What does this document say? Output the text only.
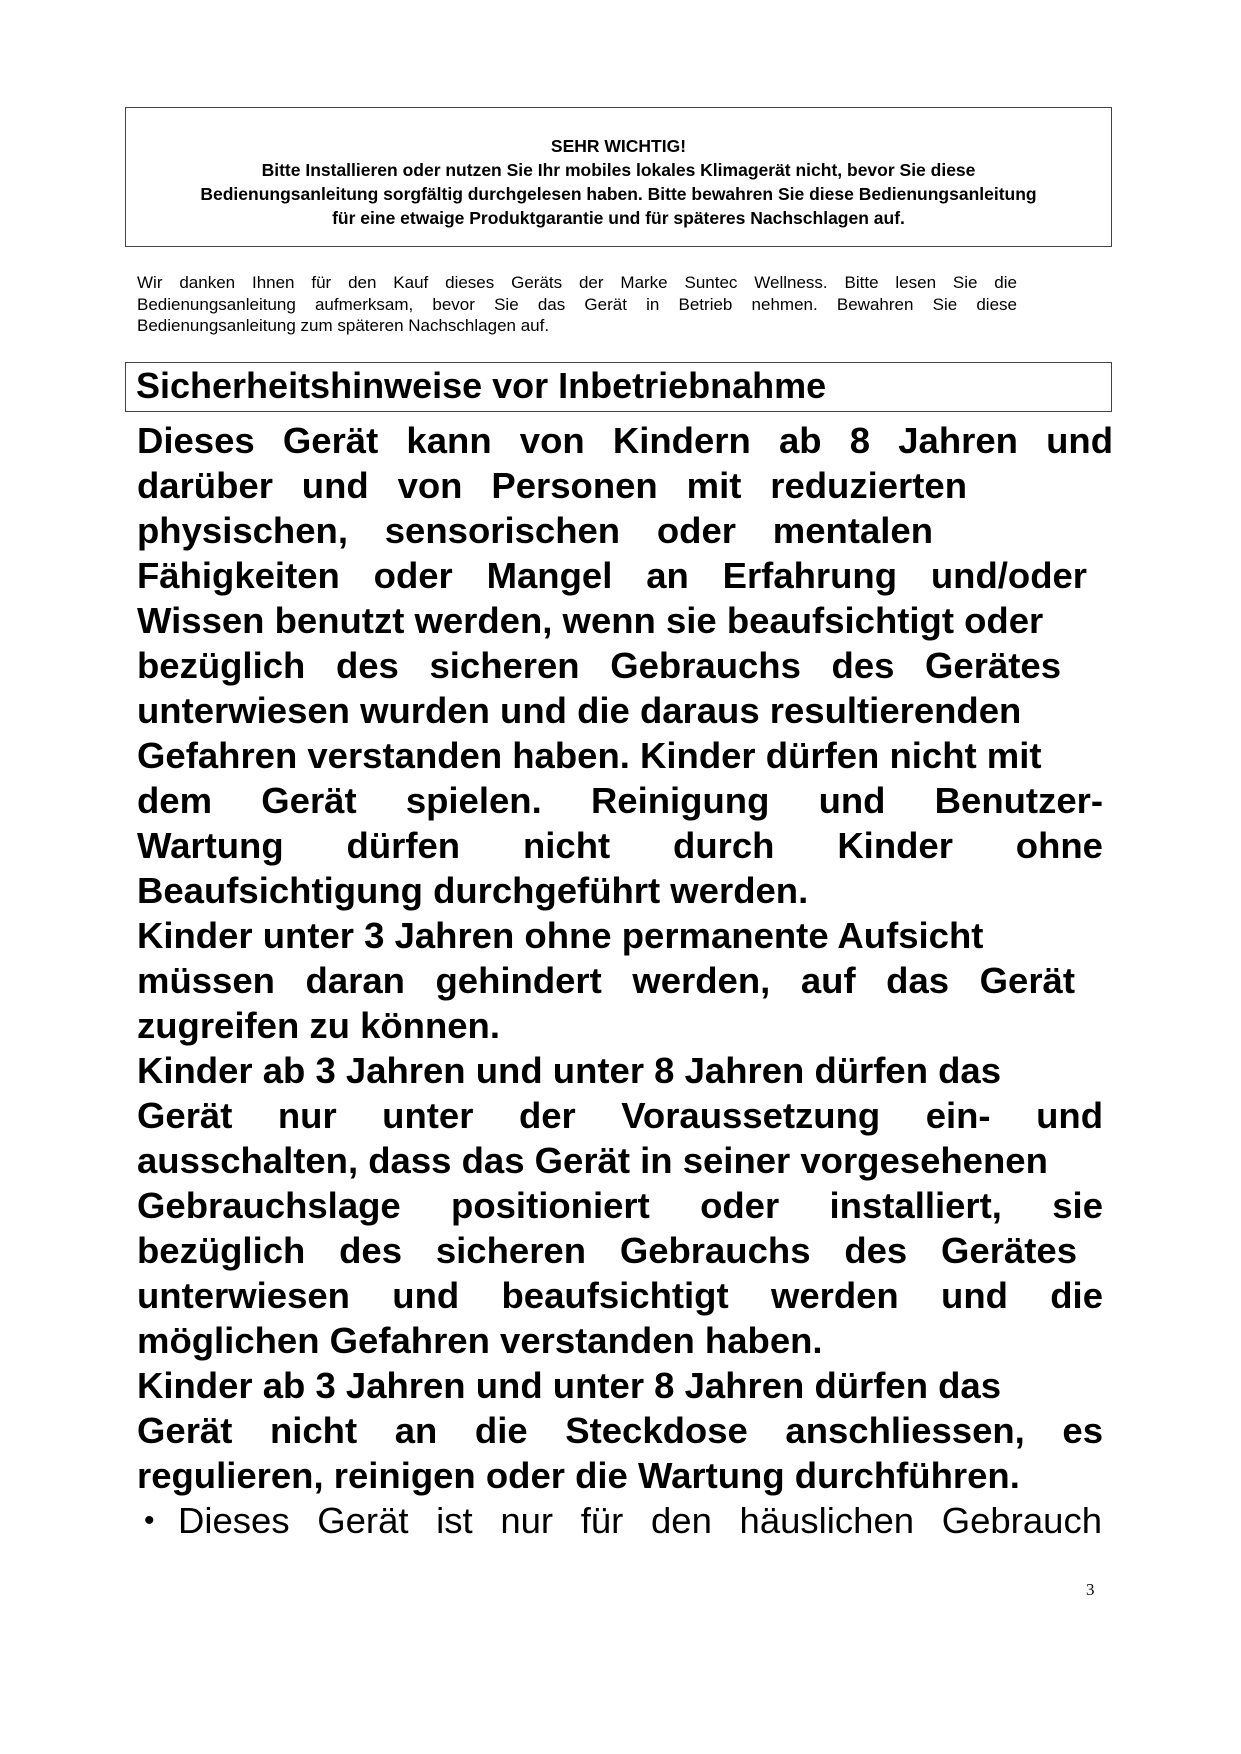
SEHR WICHTIG!
Bitte Installieren oder nutzen Sie Ihr mobiles lokales Klimagerät nicht, bevor Sie diese
Bedienungsanleitung sorgfältig durchgelesen haben. Bitte bewahren Sie diese Bedienungsanleitung
für eine etwaige Produktgarantie und für späteres Nachschlagen auf.
Wir danken Ihnen für den Kauf dieses Geräts der Marke Suntec Wellness. Bitte lesen Sie die
Bedienungsanleitung aufmerksam, bevor Sie das Gerät in Betrieb nehmen. Bewahren Sie diese
Bedienungsanleitung zum späteren Nachschlagen auf.
Sicherheitshinweise vor Inbetriebnahme
Dieses Gerät kann von Kindern ab 8 Jahren und
darüber und von Personen mit reduzierten
physischen, sensorischen oder mentalen
Fähigkeiten oder Mangel an Erfahrung und/oder
Wissen benutzt werden, wenn sie beaufsichtigt oder
bezüglich des sicheren Gebrauchs des Gerätes
unterwiesen wurden und die daraus resultierenden
Gefahren verstanden haben. Kinder dürfen nicht mit
dem Gerät spielen. Reinigung und Benutzer-
Wartung dürfen nicht durch Kinder ohne
Beaufsichtigung durchgeführt werden.
Kinder unter 3 Jahren ohne permanente Aufsicht
müssen daran gehindert werden, auf das Gerät
zugreifen zu können.
Kinder ab 3 Jahren und unter 8 Jahren dürfen das
Gerät nur unter der Voraussetzung ein- und
ausschalten, dass das Gerät in seiner vorgesehenen
Gebrauchslage positioniert oder installiert, sie
bezüglich des sicheren Gebrauchs des Gerätes
unterwiesen und beaufsichtigt werden und die
möglichen Gefahren verstanden haben.
Kinder ab 3 Jahren und unter 8 Jahren dürfen das
Gerät nicht an die Steckdose anschliessen, es
regulieren, reinigen oder die Wartung durchführen.
• Dieses Gerät ist nur für den häuslichen Gebrauch
3
